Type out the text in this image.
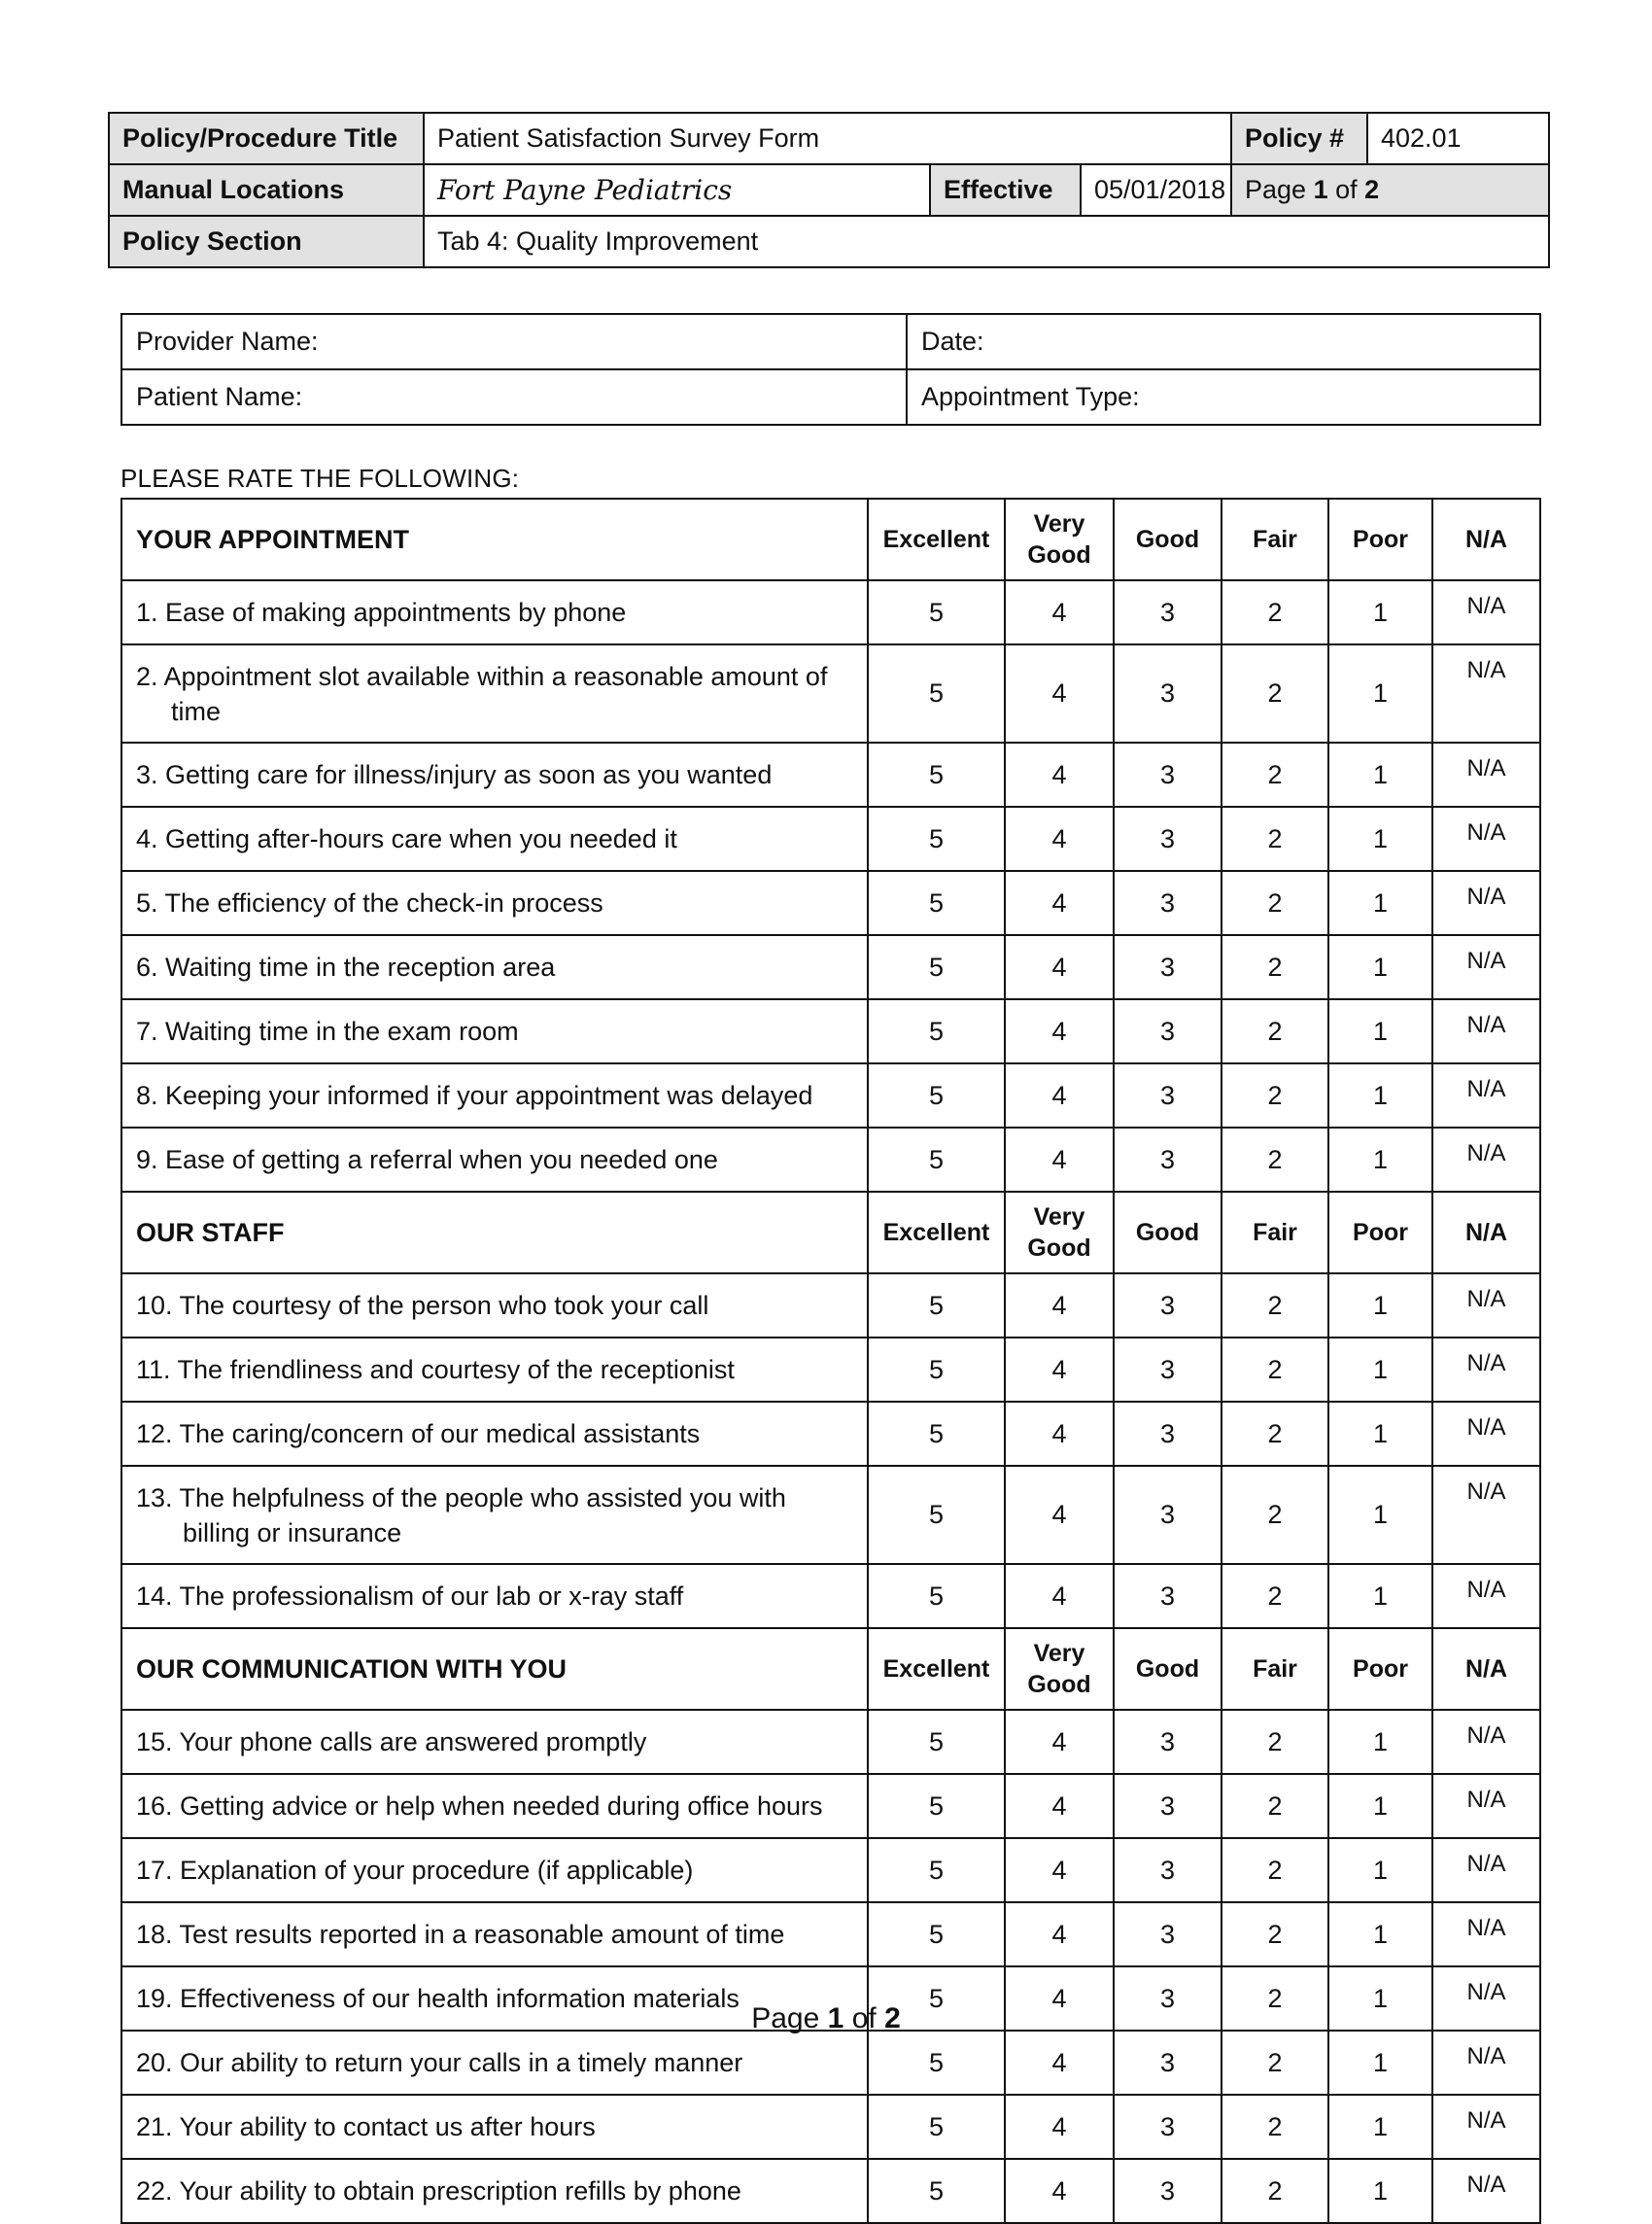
Policy/Procedure Title	Patient Satisfaction Survey Form			Policy #	402.01
Manual Locations	Fort Payne Pediatrics	Effective	05/01/2018	Page 1 of 2	
Policy Section	Tab 4: Quality Improvement				
Provider Name:	Date:
Patient Name:	Appointment Type:
PLEASE RATE THE FOLLOWING:
YOUR APPOINTMENT	Excellent	Very Good	Good	Fair	Poor	N/A

1. Ease of making appointments by phone	5	4	3	2	1	N/A

2. Appointment slot available within a reasonable amount of time	5	4	3	2	1	N/A

3. Getting care for illness/injury as soon as you wanted	5	4	3	2	1	N/A

4. Getting after-hours care when you needed it	5	4	3	2	1	N/A

5. The efficiency of the check-in process	5	4	3	2	1	N/A

6. Waiting time in the reception area	5	4	3	2	1	N/A

7. Waiting time in the exam room	5	4	3	2	1	N/A

8. Keeping your informed if your appointment was delayed	5	4	3	2	1	N/A

9. Ease of getting a referral when you needed one	5	4	3	2	1	N/A
OUR STAFF	Excellent	Very Good	Good	Fair	Poor	N/A

10. The courtesy of the person who took your call	5	4	3	2	1	N/A

11. The friendliness and courtesy of the receptionist	5	4	3	2	1	N/A

12. The caring/concern of our medical assistants	5	4	3	2	1	N/A

13. The helpfulness of the people who assisted you with billing or insurance	5	4	3	2	1	N/A

14. The professionalism of our lab or x-ray staff	5	4	3	2	1	N/A
OUR COMMUNICATION WITH YOU	Excellent	Very Good	Good	Fair	Poor	N/A

15. Your phone calls are answered promptly	5	4	3	2	1	N/A

16. Getting advice or help when needed during office hours	5	4	3	2	1	N/A

17. Explanation of your procedure (if applicable)	5	4	3	2	1	N/A

18. Test results reported in a reasonable amount of time	5	4	3	2	1	N/A

19. Effectiveness of our health information materials	5	4	3	2	1	N/A

20. Our ability to return your calls in a timely manner	5	4	3	2	1	N/A

21. Your ability to contact us after hours	5	4	3	2	1	N/A

22. Your ability to obtain prescription refills by phone	5	4	3	2	1	N/A
Page 1 of 2
